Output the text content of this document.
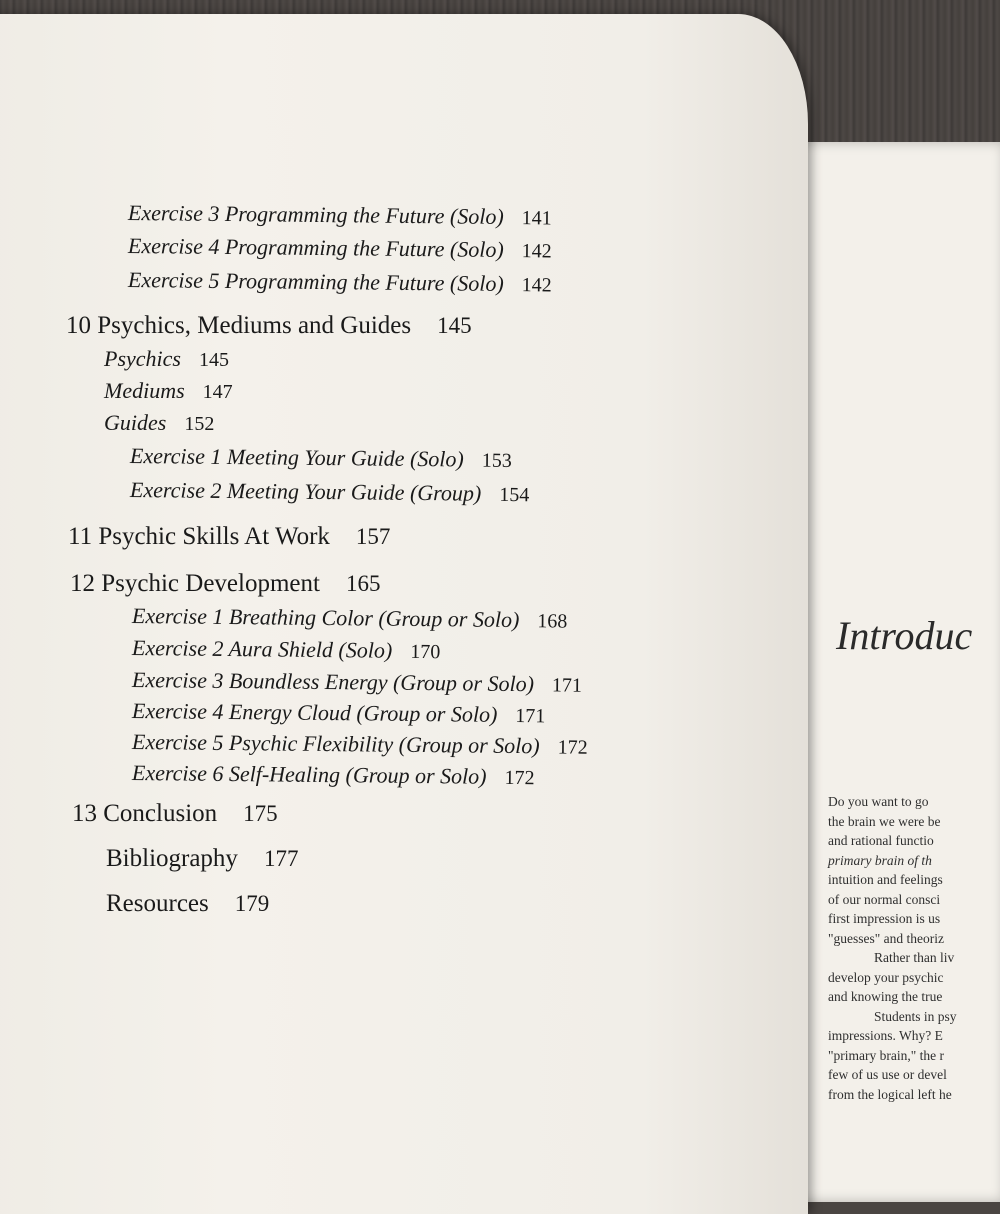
Introduc
Do you want to go
the brain we were be
and rational functio
primary brain of th
intuition and feelings
of our normal consci
first impression is us
"guesses" and theoriz
Rather than liv
develop your psychic
and knowing the true
Students in psy
impressions. Why? E
"primary brain," the r
few of us use or devel
from the logical left he
Exercise 3 Programming the Future (Solo) 141
Exercise 4 Programming the Future (Solo) 142
Exercise 5 Programming the Future (Solo) 142
10 Psychics, Mediums and Guides 145
Psychics 145
Mediums 147
Guides 152
Exercise 1 Meeting Your Guide (Solo) 153
Exercise 2 Meeting Your Guide (Group) 154
11 Psychic Skills At Work 157
12 Psychic Development 165
Exercise 1 Breathing Color (Group or Solo) 168
Exercise 2 Aura Shield (Solo) 170
Exercise 3 Boundless Energy (Group or Solo) 171
Exercise 4 Energy Cloud (Group or Solo) 171
Exercise 5 Psychic Flexibility (Group or Solo) 172
Exercise 6 Self-Healing (Group or Solo) 172
13 Conclusion 175
Bibliography 177
Resources 179
